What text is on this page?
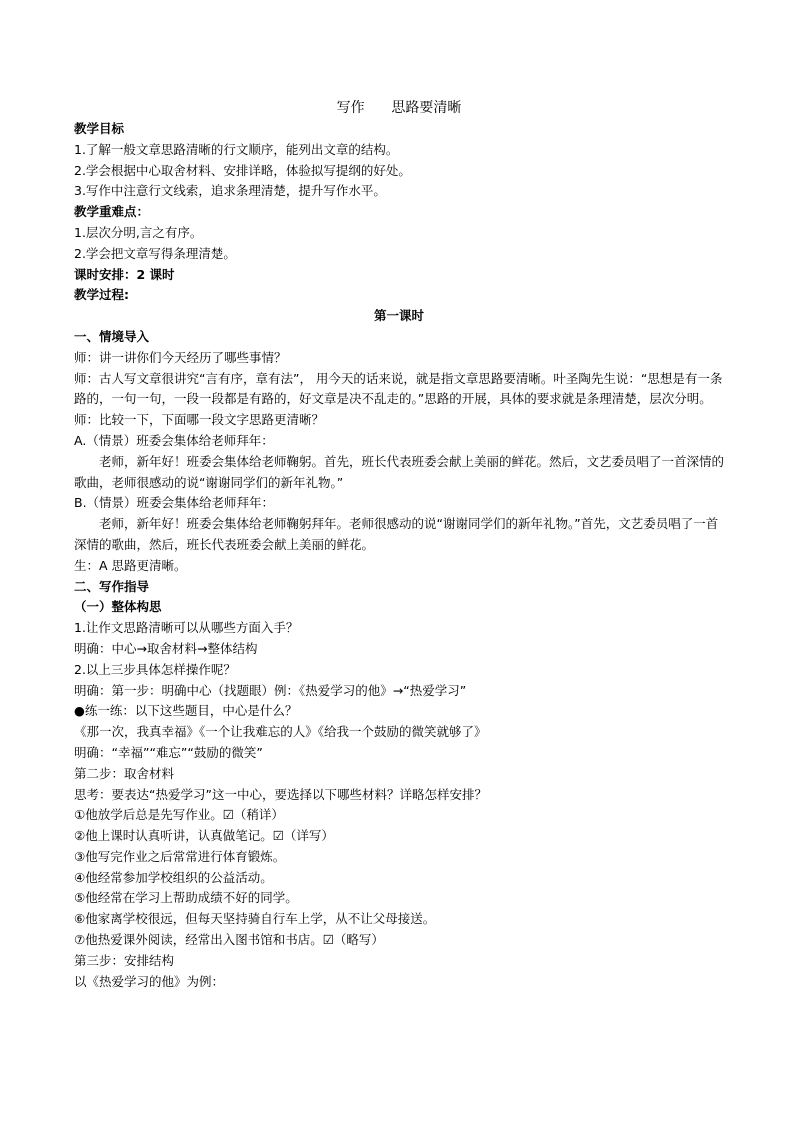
写作      思路要清晰

教学目标

1.了解一般文章思路清晰的行文顺序，能列出文章的结构。

2.学会根据中心取舍材料、安排详略，体验拟写提纲的好处。

3.写作中注意行文线索，追求条理清楚，提升写作水平。

教学重难点：

1.层次分明,言之有序。

2.学会把文章写得条理清楚。

课时安排：2 课时

教学过程:

第一课时

一、情境导入

师：讲一讲你们今天经历了哪些事情？

师：古人写文章很讲究“言有序，章有法”， 用今天的话来说，就是指文章思路要清晰。叶圣陶先生说：“思想是有一条路的，一句一句，一段一段都是有路的，好文章是决不乱走的。”思路的开展，具体的要求就是条理清楚，层次分明。

师：比较一下，下面哪一段文字思路更清晰？

A.（情景）班委会集体给老师拜年：

老师，新年好！班委会集体给老师鞠躬。首先，班长代表班委会献上美丽的鲜花。然后，文艺委员唱了一首深情的歌曲，老师很感动的说“谢谢同学们的新年礼物。”

B.（情景）班委会集体给老师拜年：

老师，新年好！班委会集体给老师鞠躬拜年。老师很感动的说“谢谢同学们的新年礼物。”首先，文艺委员唱了一首深情的歌曲，然后，班长代表班委会献上美丽的鲜花。

生：A 思路更清晰。

二、写作指导

（一）整体构思

1.让作文思路清晰可以从哪些方面入手？

明确：中心→取舍材料→整体结构

2.以上三步具体怎样操作呢？

明确：第一步：明确中心（找题眼）例：《热爱学习的他》→“热爱学习”

●练一练：以下这些题目，中心是什么？

《那一次，我真幸福》《一个让我难忘的人》《给我一个鼓励的微笑就够了》

明确：“幸福”“难忘”“鼓励的微笑”

第二步：取舍材料

思考：要表达“热爱学习”这一中心，要选择以下哪些材料？详略怎样安排？

①他放学后总是先写作业。☑（稍详）

②他上课时认真听讲，认真做笔记。☑（详写）

③他写完作业之后常常进行体育锻炼。

④他经常参加学校组织的公益活动。

⑤他经常在学习上帮助成绩不好的同学。

⑥他家离学校很远，但每天坚持骑自行车上学，从不让父母接送。

⑦他热爱课外阅读，经常出入图书馆和书店。☑（略写）

第三步：安排结构

以《热爱学习的他》为例：
